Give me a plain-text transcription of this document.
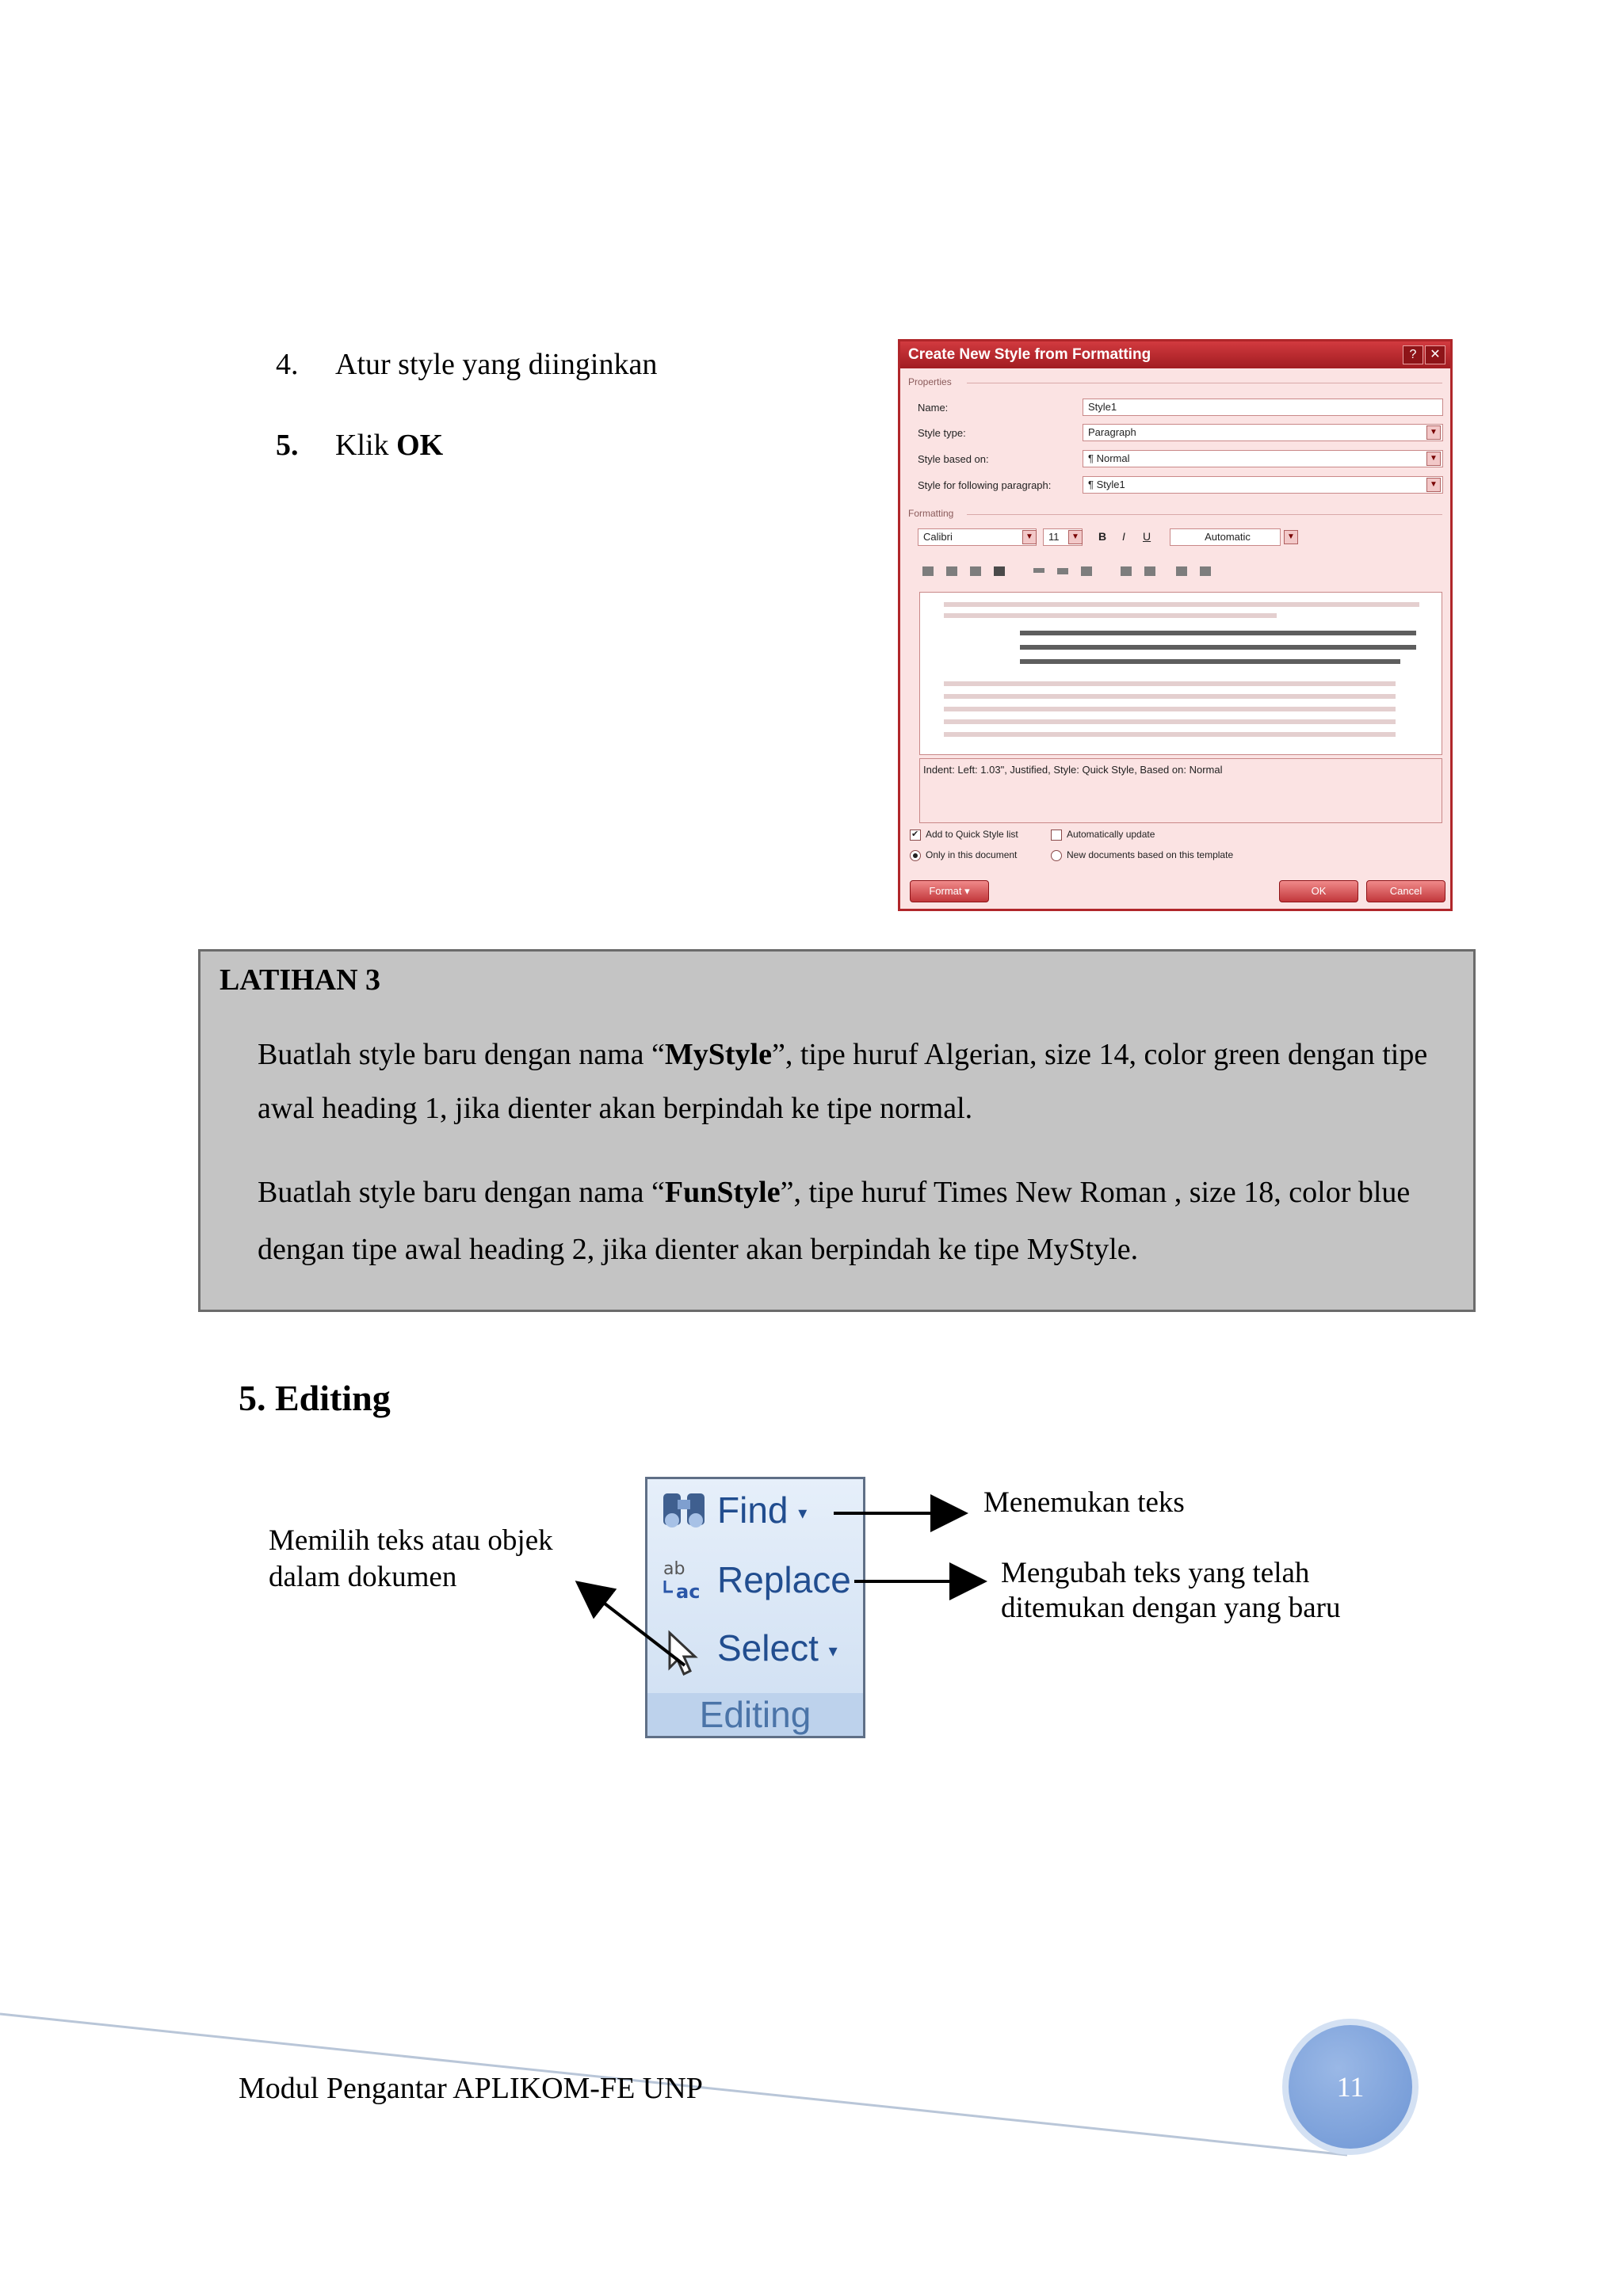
4. Atur style yang diinginkan
5. Klik OK
Create New Style from Formatting	?	✕
Properties
Name:	Style1
Style type:	Paragraph	▼
Style based on:	¶ Normal	▼
Style for following paragraph:	¶ Style1	▼
Formatting
Calibri	▼	11	▼ B I U	Automatic	▼
Indent: Left: 1.03", Justified, Style: Quick Style, Based on: Normal
✔ Add to Quick Style list	Automatically update
Only in this document	New documents based on this template
Format ▾	OK	Cancel
LATIHAN 3
Buatlah style baru dengan nama “MyStyle”, tipe huruf Algerian, size 14, color green dengan tipe
awal heading 1, jika dienter akan berpindah ke tipe normal.
Buatlah style baru dengan nama “FunStyle”, tipe huruf Times New Roman , size 18, color blue
dengan tipe awal heading 2, jika dienter akan berpindah ke tipe MyStyle.
5. Editing
Find ▾
ab
ac Replace
Select ▾
Editing
Memilih teks atau objek
dalam dokumen
Menemukan teks
Mengubah teks yang telah
ditemukan dengan yang baru
Modul Pengantar APLIKOM-FE UNP	11
